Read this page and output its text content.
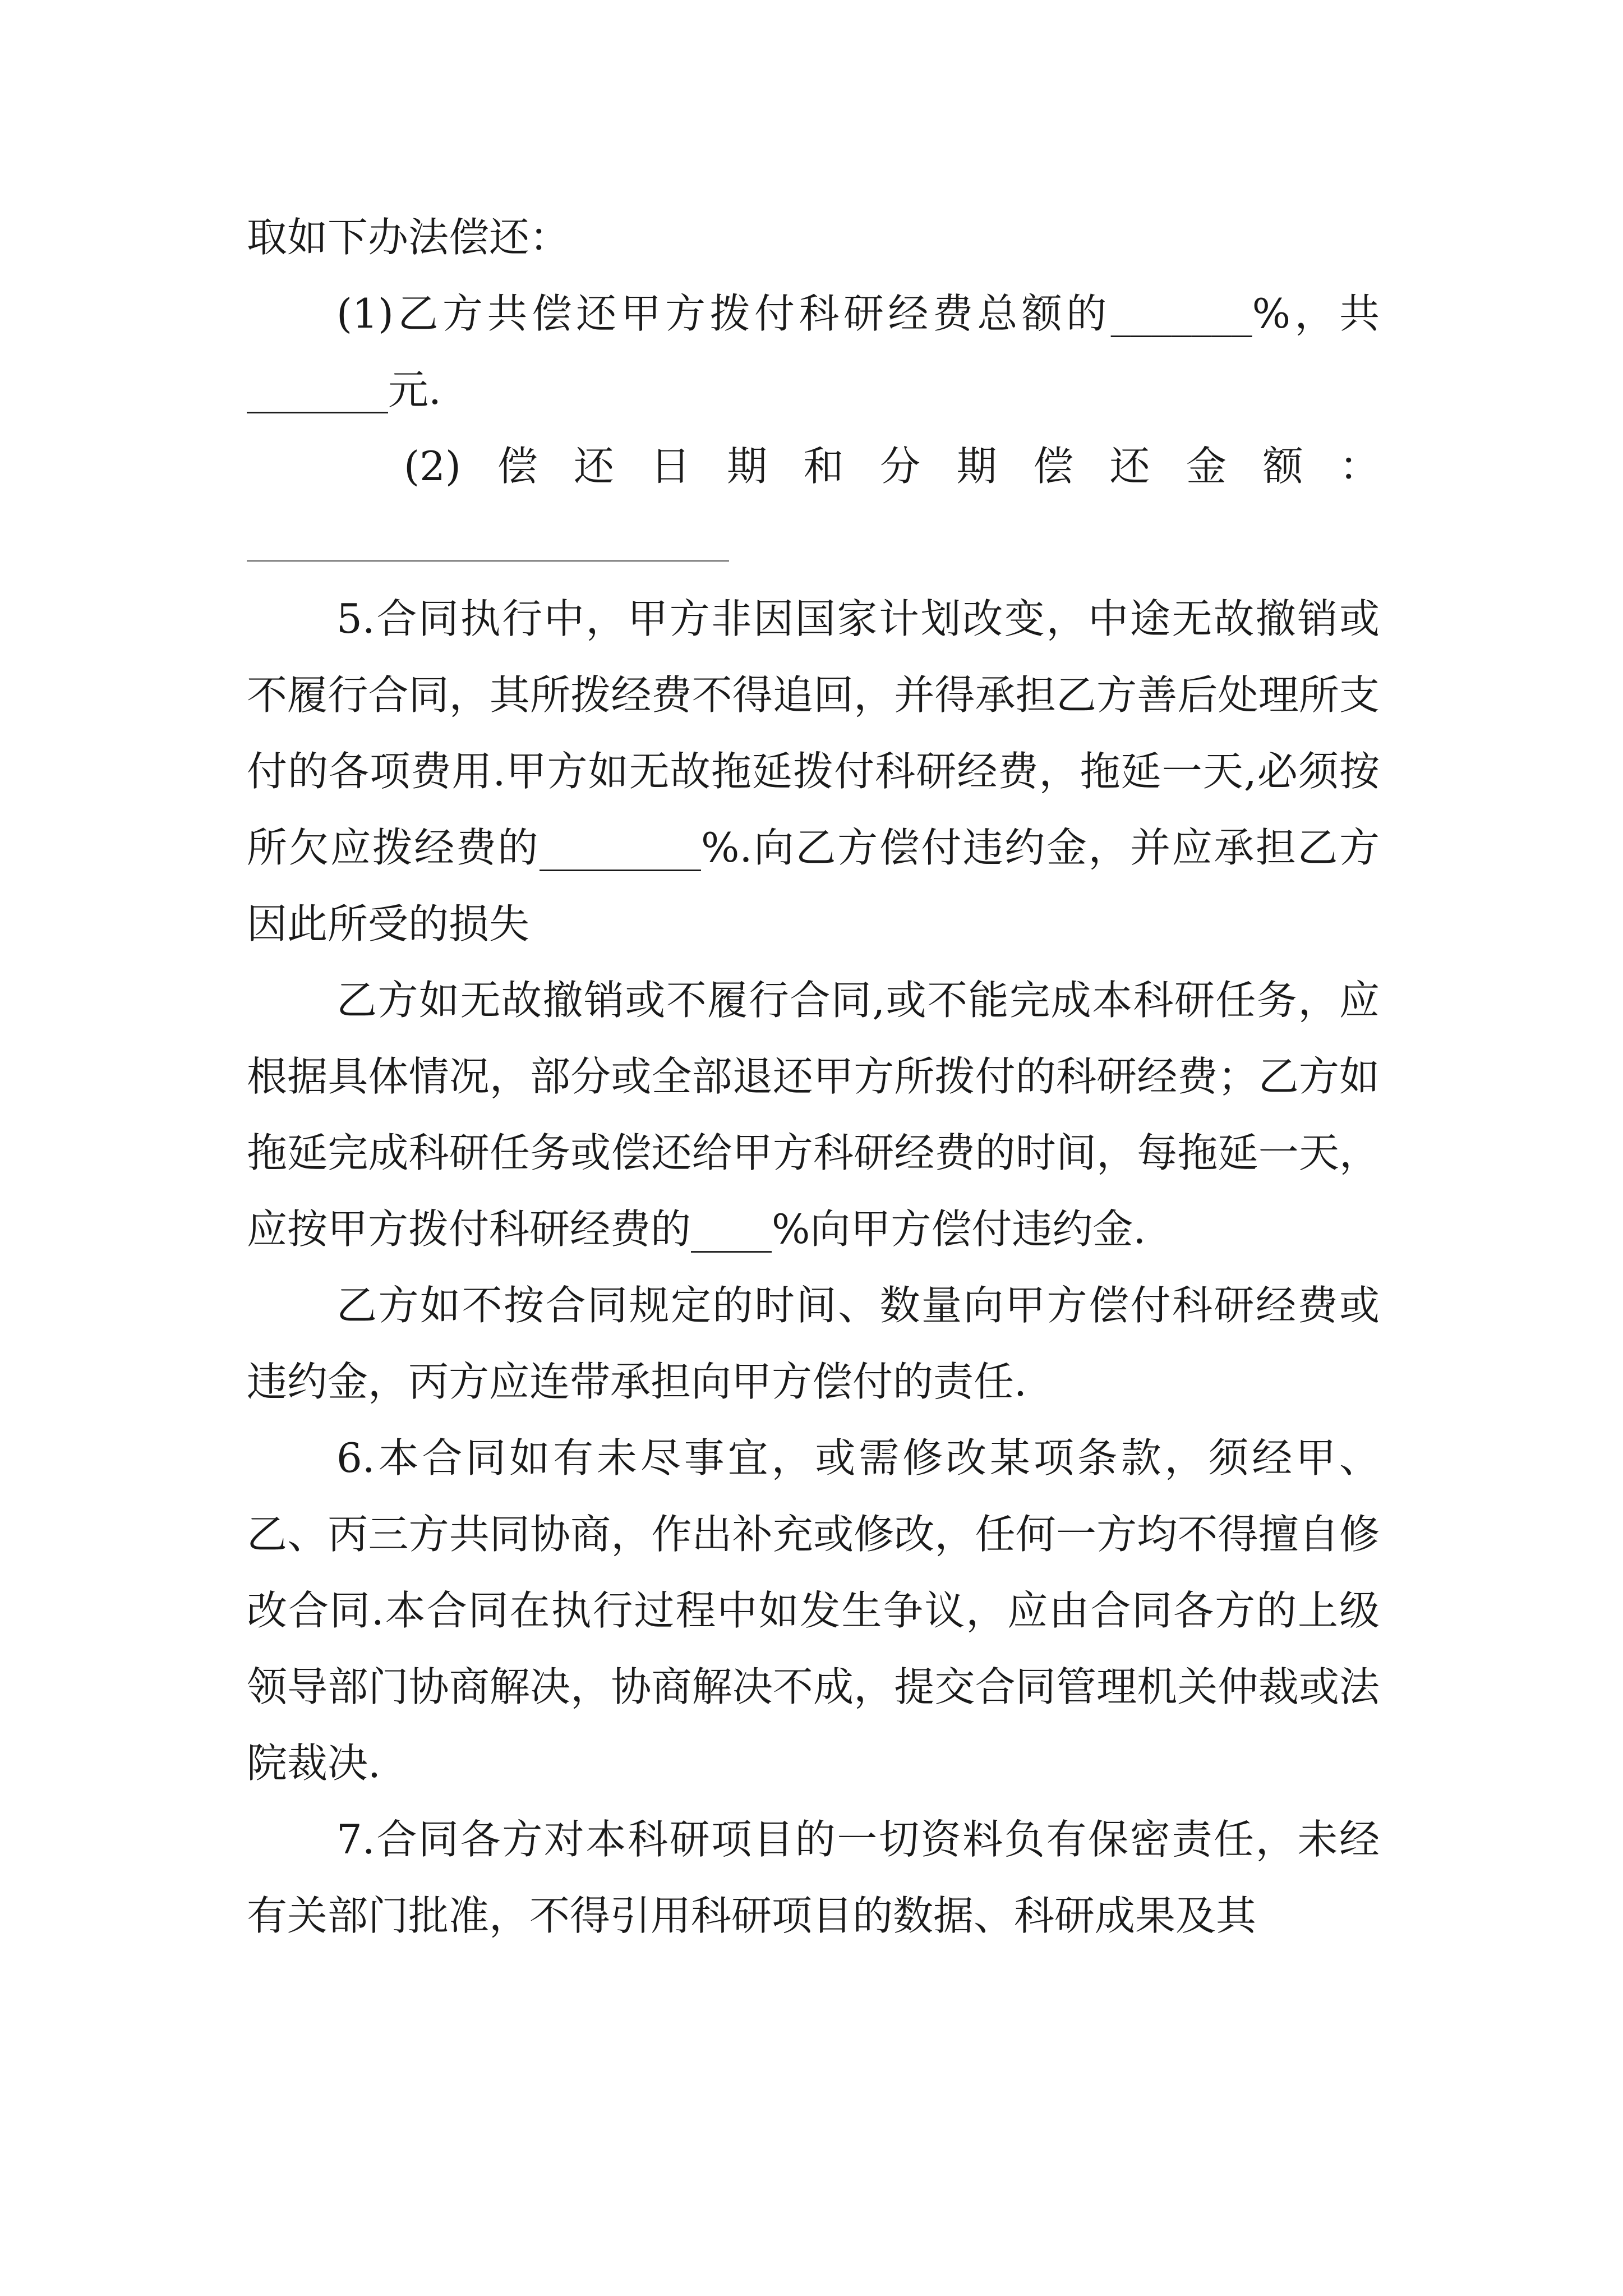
取如下办法偿还：

(1)乙方共偿还甲方拨付科研经费总额的_______%，共_______元.

(2) 偿 还 日 期 和 分 期 偿 还 金 额 ：

5.合同执行中，甲方非因国家计划改变，中途无故撤销或不履行合同，其所拨经费不得追回，并得承担乙方善后处理所支付的各项费用.甲方如无故拖延拨付科研经费，拖延一天,必须按所欠应拨经费的________%.向乙方偿付违约金，并应承担乙方因此所受的损失

乙方如无故撤销或不履行合同,或不能完成本科研任务，应根据具体情况，部分或全部退还甲方所拨付的科研经费；乙方如拖延完成科研任务或偿还给甲方科研经费的时间，每拖延一天，应按甲方拨付科研经费的____%向甲方偿付违约金.

乙方如不按合同规定的时间、数量向甲方偿付科研经费或违约金，丙方应连带承担向甲方偿付的责任.

6.本合同如有未尽事宜，或需修改某项条款，须经甲、乙、丙三方共同协商，作出补充或修改，任何一方均不得擅自修改合同.本合同在执行过程中如发生争议，应由合同各方的上级领导部门协商解决，协商解决不成，提交合同管理机关仲裁或法院裁决.

7.合同各方对本科研项目的一切资料负有保密责任，未经有关部门批准，不得引用科研项目的数据、科研成果及其
